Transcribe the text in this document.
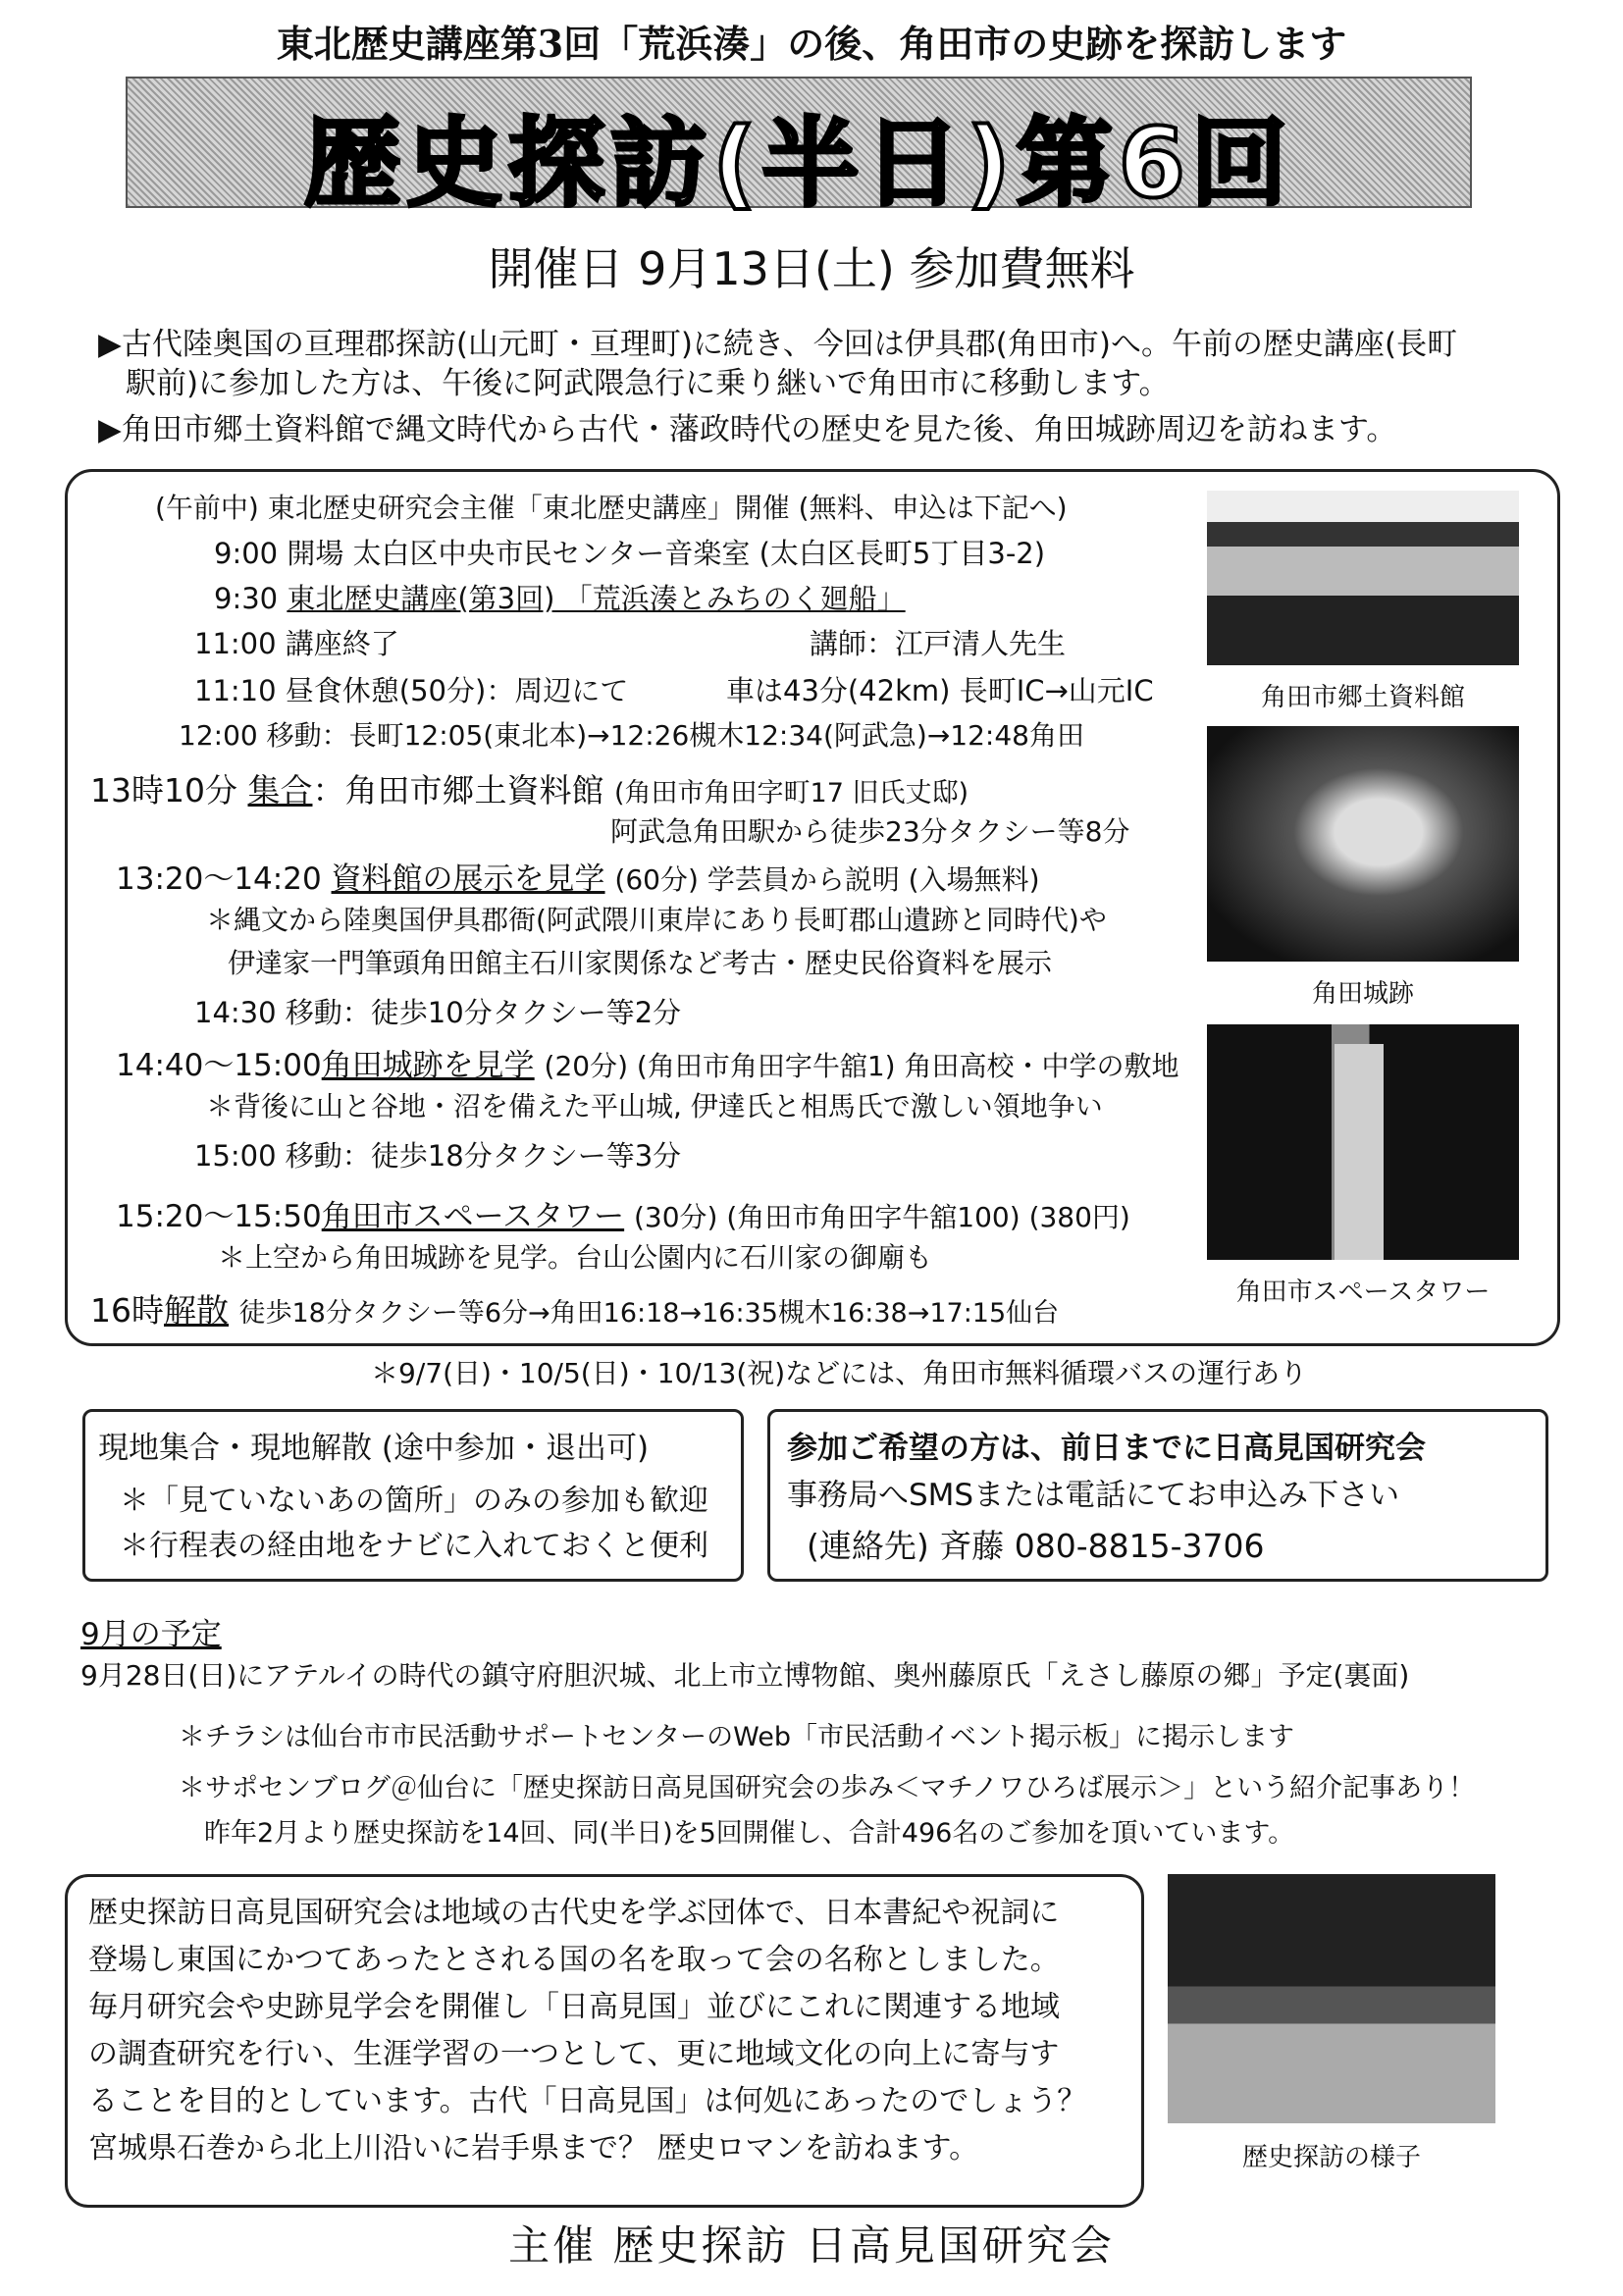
東北歴史講座第3回「荒浜湊」の後、角田市の史跡を探訪します
歴史探訪(半日)第6回
開催日 9月13日(土) 参加費無料
▶古代陸奥国の亘理郡探訪(山元町・亘理町)に続き、今回は伊具郡(角田市)へ。午前の歴史講座(長町
駅前)に参加した方は、午後に阿武隈急行に乗り継いで角田市に移動します。
▶角田市郷土資料館で縄文時代から古代・藩政時代の歴史を見た後、角田城跡周辺を訪ねます。
(午前中) 東北歴史研究会主催「東北歴史講座」開催 (無料、申込は下記へ)
9:00 開場 太白区中央市民センター音楽室 (太白区長町5丁目3-2)
9:30 東北歴史講座(第3回) 「荒浜湊とみちのく廻船」
11:00 講座終了	講師：江戸清人先生
11:10 昼食休憩(50分)：周辺にて	車は43分(42km) 長町IC→山元IC
12:00 移動：長町12:05(東北本)→12:26槻木12:34(阿武急)→12:48角田
13時10分 集合：角田市郷土資料館 (角田市角田字町17 旧氏丈邸)
阿武急角田駅から徒歩23分タクシー等8分
13:20～14:20 資料館の展示を見学 (60分) 学芸員から説明 (入場無料)
＊縄文から陸奥国伊具郡衙(阿武隈川東岸にあり長町郡山遺跡と同時代)や
伊達家一門筆頭角田館主石川家関係など考古・歴史民俗資料を展示
14:30 移動：徒歩10分タクシー等2分
14:40～15:00角田城跡を見学 (20分) (角田市角田字牛舘1) 角田高校・中学の敷地
＊背後に山と谷地・沼を備えた平山城, 伊達氏と相馬氏で激しい領地争い
15:00 移動：徒歩18分タクシー等3分
15:20～15:50角田市スペースタワー (30分) (角田市角田字牛舘100) (380円)
＊上空から角田城跡を見学。台山公園内に石川家の御廟も
16時解散 徒歩18分タクシー等6分→角田16:18→16:35槻木16:38→17:15仙台
角田市郷土資料館
角田城跡
角田市スペースタワー
＊9/7(日)・10/5(日)・10/13(祝)などには、角田市無料循環バスの運行あり
現地集合・現地解散 (途中参加・退出可)
＊「見ていないあの箇所」のみの参加も歓迎
＊行程表の経由地をナビに入れておくと便利
参加ご希望の方は、前日までに日高見国研究会
事務局へSMSまたは電話にてお申込み下さい
(連絡先) 斉藤 080-8815-3706
9月の予定
9月28日(日)にアテルイの時代の鎮守府胆沢城、北上市立博物館、奥州藤原氏「えさし藤原の郷」予定(裏面)
＊チラシは仙台市市民活動サポートセンターのWeb「市民活動イベント掲示板」に掲示します
＊サポセンブログ＠仙台に「歴史探訪日高見国研究会の歩み＜マチノワひろば展示＞」という紹介記事あり！
昨年2月より歴史探訪を14回、同(半日)を5回開催し、合計496名のご参加を頂いています。
歴史探訪日高見国研究会は地域の古代史を学ぶ団体で、日本書紀や祝詞に
登場し東国にかつてあったとされる国の名を取って会の名称としました。
毎月研究会や史跡見学会を開催し「日高見国」並びにこれに関連する地域
の調査研究を行い、生涯学習の一つとして、更に地域文化の向上に寄与す
ることを目的としています。古代「日高見国」は何処にあったのでしょう？
宮城県石巻から北上川沿いに岩手県まで？ 歴史ロマンを訪ねます。	歴史探訪の様子
主催 歴史探訪 日高見国研究会
